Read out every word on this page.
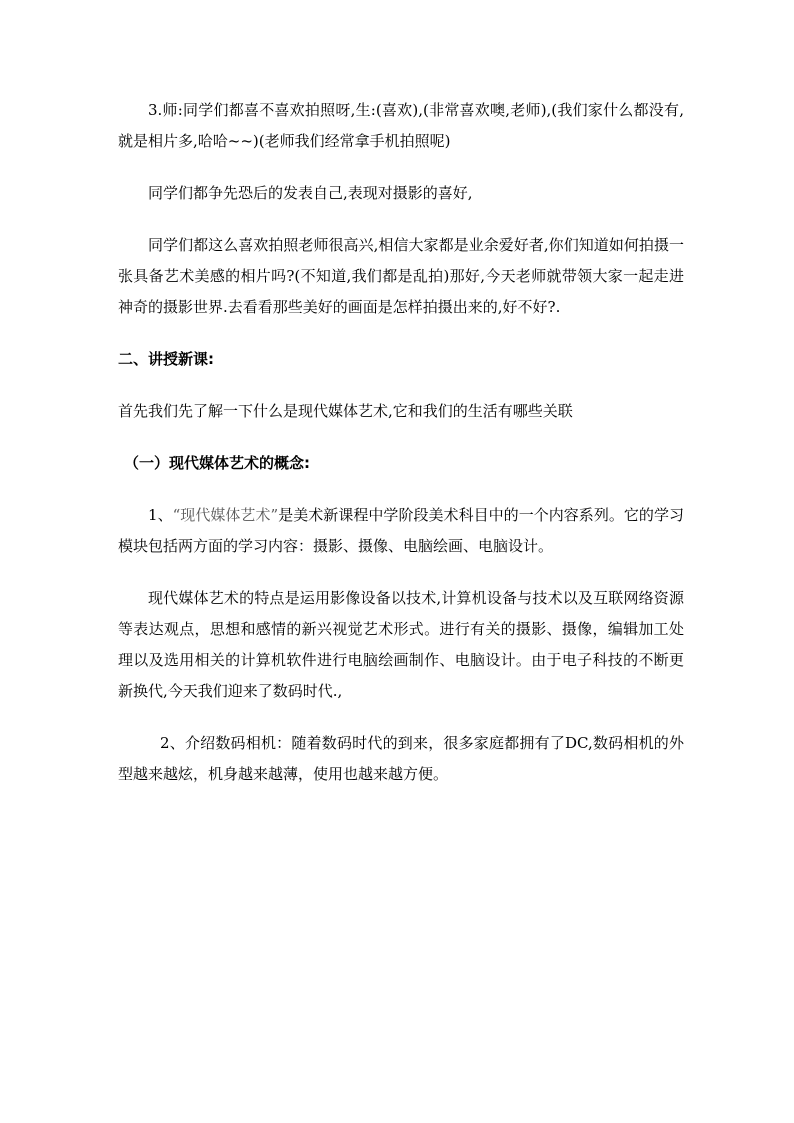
3.师:同学们都喜不喜欢拍照呀,生:(喜欢),(非常喜欢噢,老师),(我们家什么都没有,就是相片多,哈哈~~)(老师我们经常拿手机拍照呢)

同学们都争先恐后的发表自己,表现对摄影的喜好,

同学们都这么喜欢拍照老师很高兴,相信大家都是业余爱好者,你们知道如何拍摄一张具备艺术美感的相片吗?(不知道,我们都是乱拍)那好,今天老师就带领大家一起走进神奇的摄影世界.去看看那些美好的画面是怎样拍摄出来的,好不好?.

二、讲授新课:

首先我们先了解一下什么是现代媒体艺术,它和我们的生活有哪些关联

（一）现代媒体艺术的概念:

1、“现代媒体艺术”是美术新课程中学阶段美术科目中的一个内容系列。它的学习模块包括两方面的学习内容：摄影、摄像、电脑绘画、电脑设计。

现代媒体艺术的特点是运用影像设备以技术,计算机设备与技术以及互联网络资源等表达观点，思想和感情的新兴视觉艺术形式。进行有关的摄影、摄像，编辑加工处理以及选用相关的计算机软件进行电脑绘画制作、电脑设计。由于电子科技的不断更新换代,今天我们迎来了数码时代.,

2、介绍数码相机：随着数码时代的到来，很多家庭都拥有了DC,数码相机的外型越来越炫，机身越来越薄，使用也越来越方便。
